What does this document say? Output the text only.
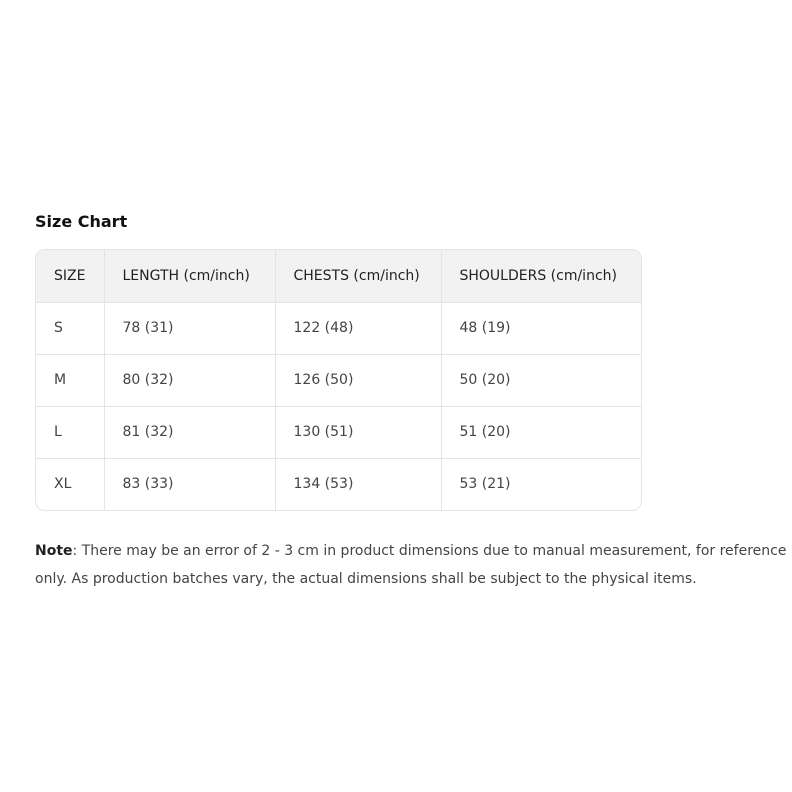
Size Chart
SIZE	LENGTH (cm/inch)	CHESTS (cm/inch)	SHOULDERS (cm/inch)
S	78 (31)	122 (48)	48 (19)
M	80 (32)	126 (50)	50 (20)
L	81 (32)	130 (51)	51 (20)
XL	83 (33)	134 (53)	53 (21)
Note: There may be an error of 2 - 3 cm in product dimensions due to manual measurement, for reference
only. As production batches vary, the actual dimensions shall be subject to the physical items.
